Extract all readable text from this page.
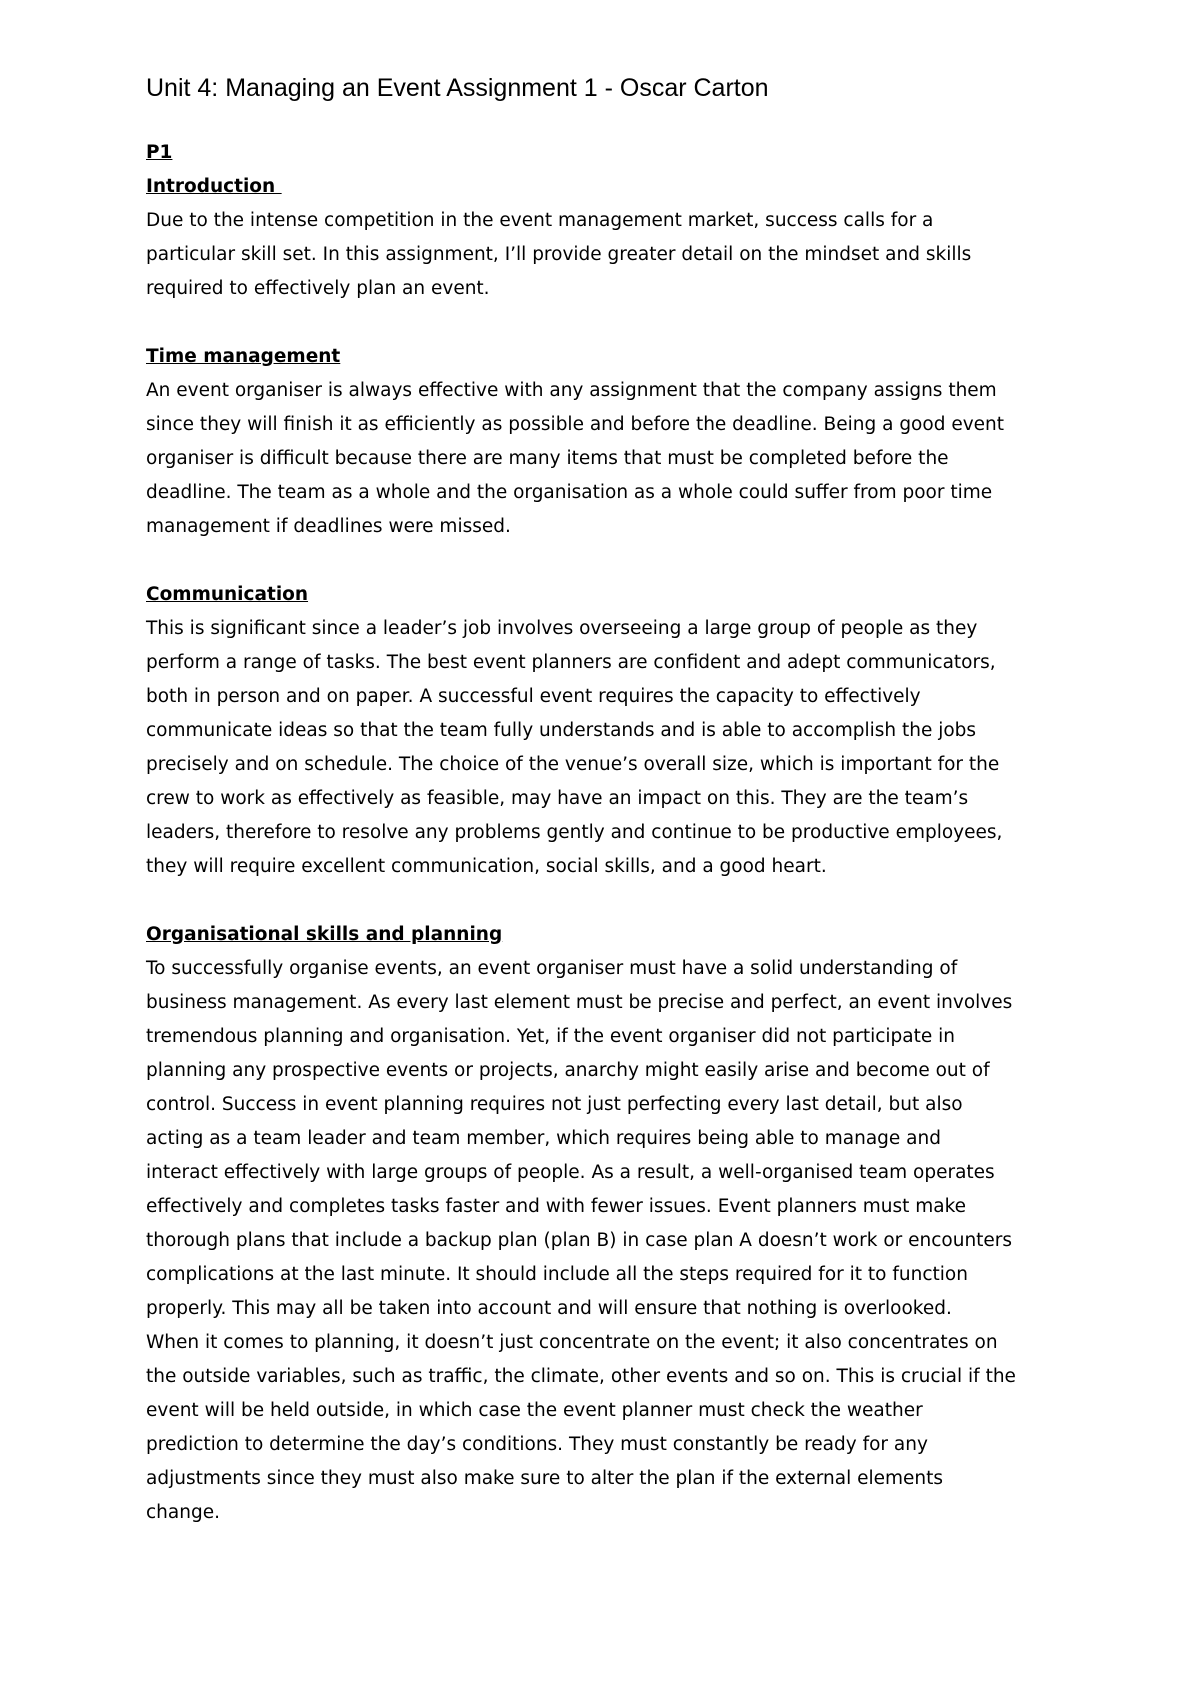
Unit 4: Managing an Event Assignment 1 - Oscar Carton
P1
Introduction
Due to the intense competition in the event management market, success calls for a
particular skill set. In this assignment, I’ll provide greater detail on the mindset and skills
required to effectively plan an event.
Time management
An event organiser is always effective with any assignment that the company assigns them
since they will finish it as efficiently as possible and before the deadline. Being a good event
organiser is difficult because there are many items that must be completed before the
deadline. The team as a whole and the organisation as a whole could suffer from poor time
management if deadlines were missed.
Communication
This is significant since a leader’s job involves overseeing a large group of people as they
perform a range of tasks. The best event planners are confident and adept communicators,
both in person and on paper. A successful event requires the capacity to effectively
communicate ideas so that the team fully understands and is able to accomplish the jobs
precisely and on schedule. The choice of the venue’s overall size, which is important for the
crew to work as effectively as feasible, may have an impact on this. They are the team’s
leaders, therefore to resolve any problems gently and continue to be productive employees,
they will require excellent communication, social skills, and a good heart.
Organisational skills and planning
To successfully organise events, an event organiser must have a solid understanding of
business management. As every last element must be precise and perfect, an event involves
tremendous planning and organisation. Yet, if the event organiser did not participate in
planning any prospective events or projects, anarchy might easily arise and become out of
control. Success in event planning requires not just perfecting every last detail, but also
acting as a team leader and team member, which requires being able to manage and
interact effectively with large groups of people. As a result, a well-organised team operates
effectively and completes tasks faster and with fewer issues. Event planners must make
thorough plans that include a backup plan (plan B) in case plan A doesn’t work or encounters
complications at the last minute. It should include all the steps required for it to function
properly. This may all be taken into account and will ensure that nothing is overlooked.
When it comes to planning, it doesn’t just concentrate on the event; it also concentrates on
the outside variables, such as traffic, the climate, other events and so on. This is crucial if the
event will be held outside, in which case the event planner must check the weather
prediction to determine the day’s conditions. They must constantly be ready for any
adjustments since they must also make sure to alter the plan if the external elements
change.
